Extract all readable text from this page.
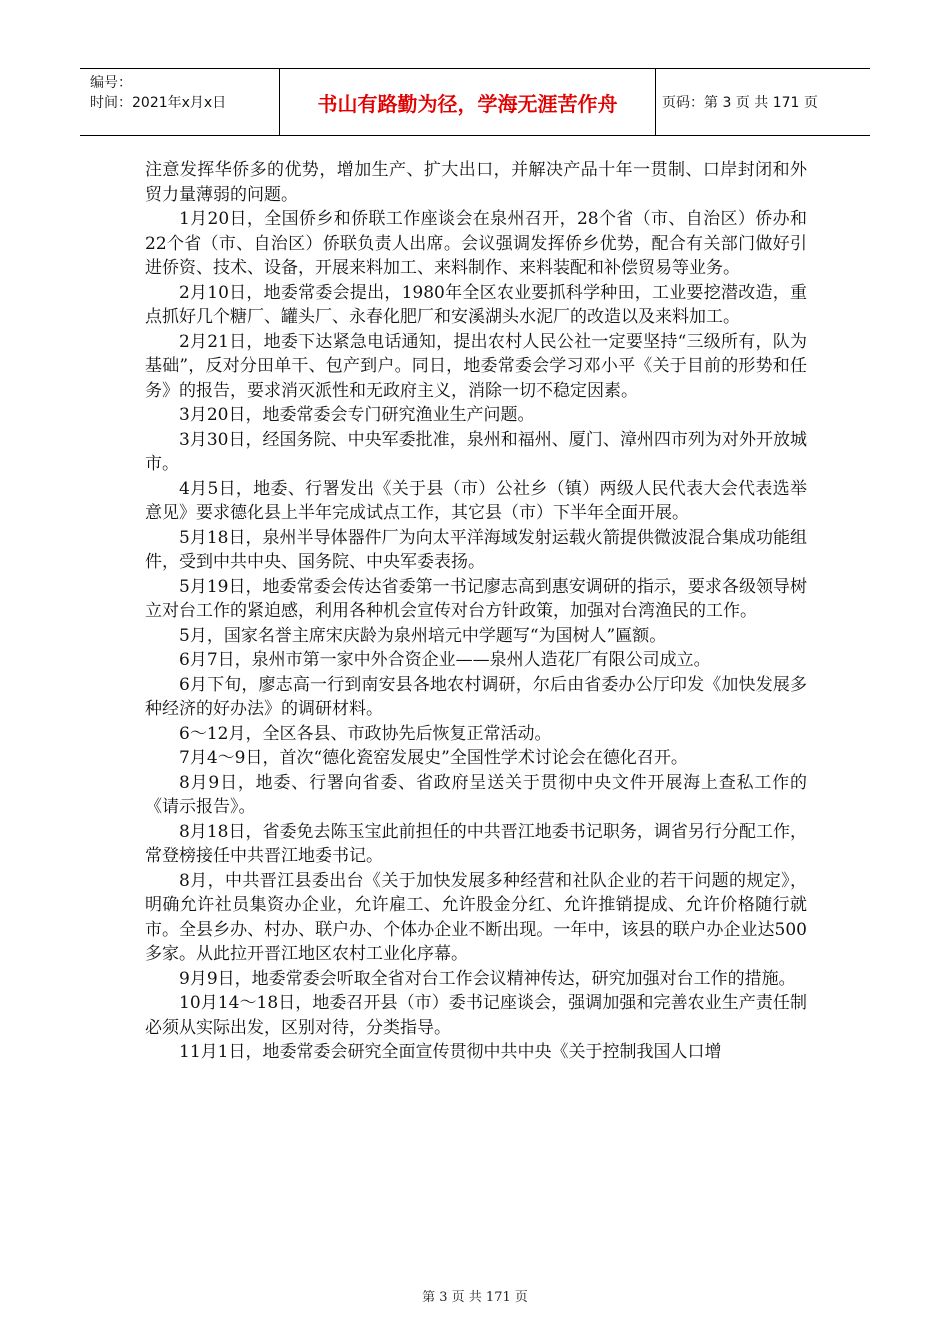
编号：
时间：2021年x月x日	书山有路勤为径，学海无涯苦作舟	页码：第 3 页 共 171 页

注意发挥华侨多的优势，增加生产、扩大出口，并解决产品十年一贯制、口岸封闭和外贸力量薄弱的问题。

1月20日，全国侨乡和侨联工作座谈会在泉州召开，28个省（市、自治区）侨办和22个省（市、自治区）侨联负责人出席。会议强调发挥侨乡优势，配合有关部门做好引进侨资、技术、设备，开展来料加工、来料制作、来料装配和补偿贸易等业务。

2月10日，地委常委会提出，1980年全区农业要抓科学种田，工业要挖潜改造，重点抓好几个糖厂、罐头厂、永春化肥厂和安溪湖头水泥厂的改造以及来料加工。

2月21日，地委下达紧急电话通知，提出农村人民公社一定要坚持“三级所有，队为基础”，反对分田单干、包产到户。同日，地委常委会学习邓小平《关于目前的形势和任务》的报告，要求消灭派性和无政府主义，消除一切不稳定因素。

3月20日，地委常委会专门研究渔业生产问题。

3月30日，经国务院、中央军委批准，泉州和福州、厦门、漳州四市列为对外开放城市。

4月5日，地委、行署发出《关于县（市）公社乡（镇）两级人民代表大会代表选举意见》要求德化县上半年完成试点工作，其它县（市）下半年全面开展。

5月18日，泉州半导体器件厂为向太平洋海域发射运载火箭提供微波混合集成功能组件，受到中共中央、国务院、中央军委表扬。

5月19日，地委常委会传达省委第一书记廖志高到惠安调研的指示，要求各级领导树立对台工作的紧迫感，利用各种机会宣传对台方针政策，加强对台湾渔民的工作。

5月，国家名誉主席宋庆龄为泉州培元中学题写“为国树人”匾额。

6月7日，泉州市第一家中外合资企业——泉州人造花厂有限公司成立。

6月下旬，廖志高一行到南安县各地农村调研，尔后由省委办公厅印发《加快发展多种经济的好办法》的调研材料。

6～12月，全区各县、市政协先后恢复正常活动。

7月4～9日，首次“德化瓷窑发展史”全国性学术讨论会在德化召开。

8月9日，地委、行署向省委、省政府呈送关于贯彻中央文件开展海上查私工作的《请示报告》。

8月18日，省委免去陈玉宝此前担任的中共晋江地委书记职务，调省另行分配工作，常登榜接任中共晋江地委书记。

8月，中共晋江县委出台《关于加快发展多种经营和社队企业的若干问题的规定》，明确允许社员集资办企业，允许雇工、允许股金分红、允许推销提成、允许价格随行就市。全县乡办、村办、联户办、个体办企业不断出现。一年中，该县的联户办企业达500多家。从此拉开晋江地区农村工业化序幕。

9月9日，地委常委会听取全省对台工作会议精神传达，研究加强对台工作的措施。

10月14～18日，地委召开县（市）委书记座谈会，强调加强和完善农业生产责任制必须从实际出发，区别对待，分类指导。

11月1日，地委常委会研究全面宣传贯彻中共中央《关于控制我国人口增

第 3 页 共 171 页
